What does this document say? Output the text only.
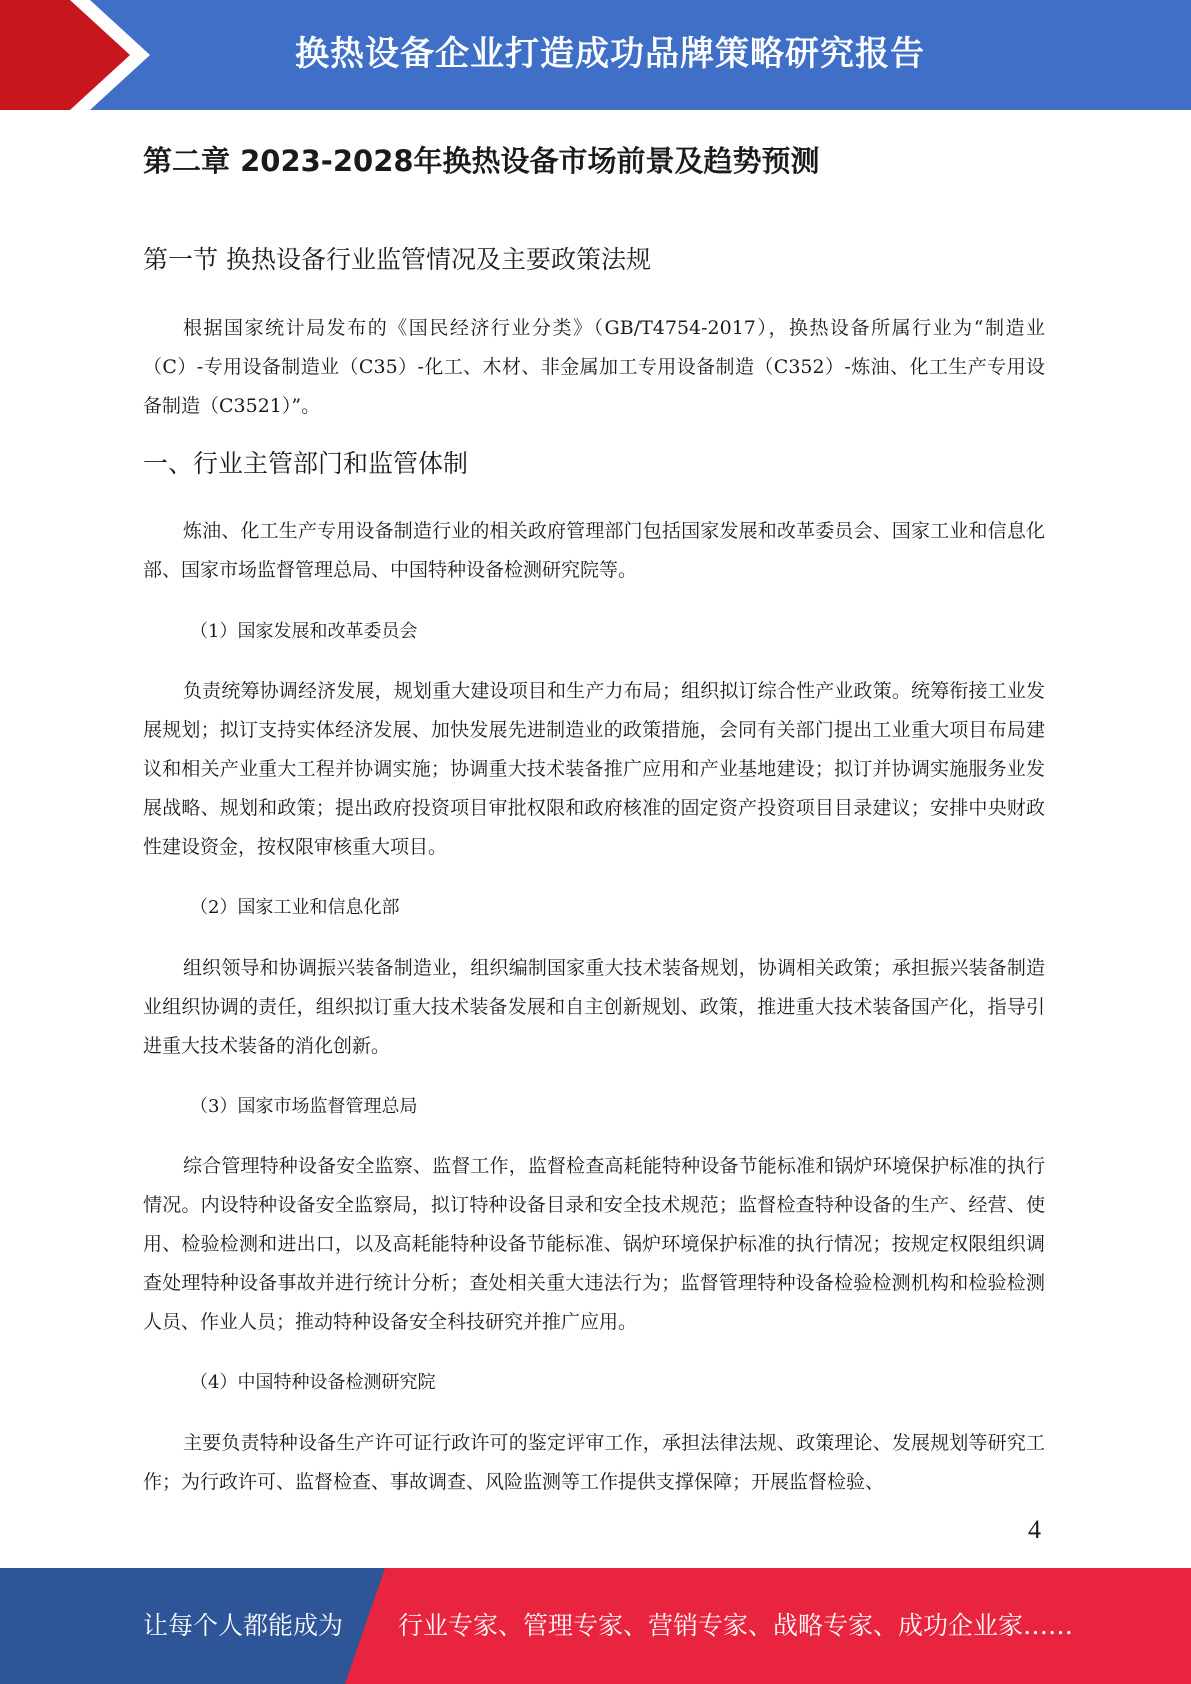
换热设备企业打造成功品牌策略研究报告
第二章 2023-2028年换热设备市场前景及趋势预测
第一节 换热设备行业监管情况及主要政策法规

根据国家统计局发布的《国民经济行业分类》（GB/T4754-2017），换热设备所属行业为“制造业（C）-专用设备制造业（C35）-化工、木材、非金属加工专用设备制造（C352）-炼油、化工生产专用设备制造（C3521）”。

一、行业主管部门和监管体制

炼油、化工生产专用设备制造行业的相关政府管理部门包括国家发展和改革委员会、国家工业和信息化部、国家市场监督管理总局、中国特种设备检测研究院等。

（1）国家发展和改革委员会

负责统筹协调经济发展，规划重大建设项目和生产力布局；组织拟订综合性产业政策。统筹衔接工业发展规划；拟订支持实体经济发展、加快发展先进制造业的政策措施，会同有关部门提出工业重大项目布局建议和相关产业重大工程并协调实施；协调重大技术装备推广应用和产业基地建设；拟订并协调实施服务业发展战略、规划和政策；提出政府投资项目审批权限和政府核准的固定资产投资项目目录建议；安排中央财政性建设资金，按权限审核重大项目。

（2）国家工业和信息化部

组织领导和协调振兴装备制造业，组织编制国家重大技术装备规划，协调相关政策；承担振兴装备制造业组织协调的责任，组织拟订重大技术装备发展和自主创新规划、政策，推进重大技术装备国产化，指导引进重大技术装备的消化创新。

（3）国家市场监督管理总局

综合管理特种设备安全监察、监督工作，监督检查高耗能特种设备节能标准和锅炉环境保护标准的执行情况。内设特种设备安全监察局，拟订特种设备目录和安全技术规范；监督检查特种设备的生产、经营、使用、检验检测和进出口，以及高耗能特种设备节能标准、锅炉环境保护标准的执行情况；按规定权限组织调查处理特种设备事故并进行统计分析；查处相关重大违法行为；监督管理特种设备检验检测机构和检验检测人员、作业人员；推动特种设备安全科技研究并推广应用。

（4）中国特种设备检测研究院

主要负责特种设备生产许可证行政许可的鉴定评审工作，承担法律法规、政策理论、发展规划等研究工作；为行政许可、监督检查、事故调查、风险监测等工作提供支撑保障；开展监督检验、

4
让每个人都能成为 行业专家、管理专家、营销专家、战略专家、成功企业家……
